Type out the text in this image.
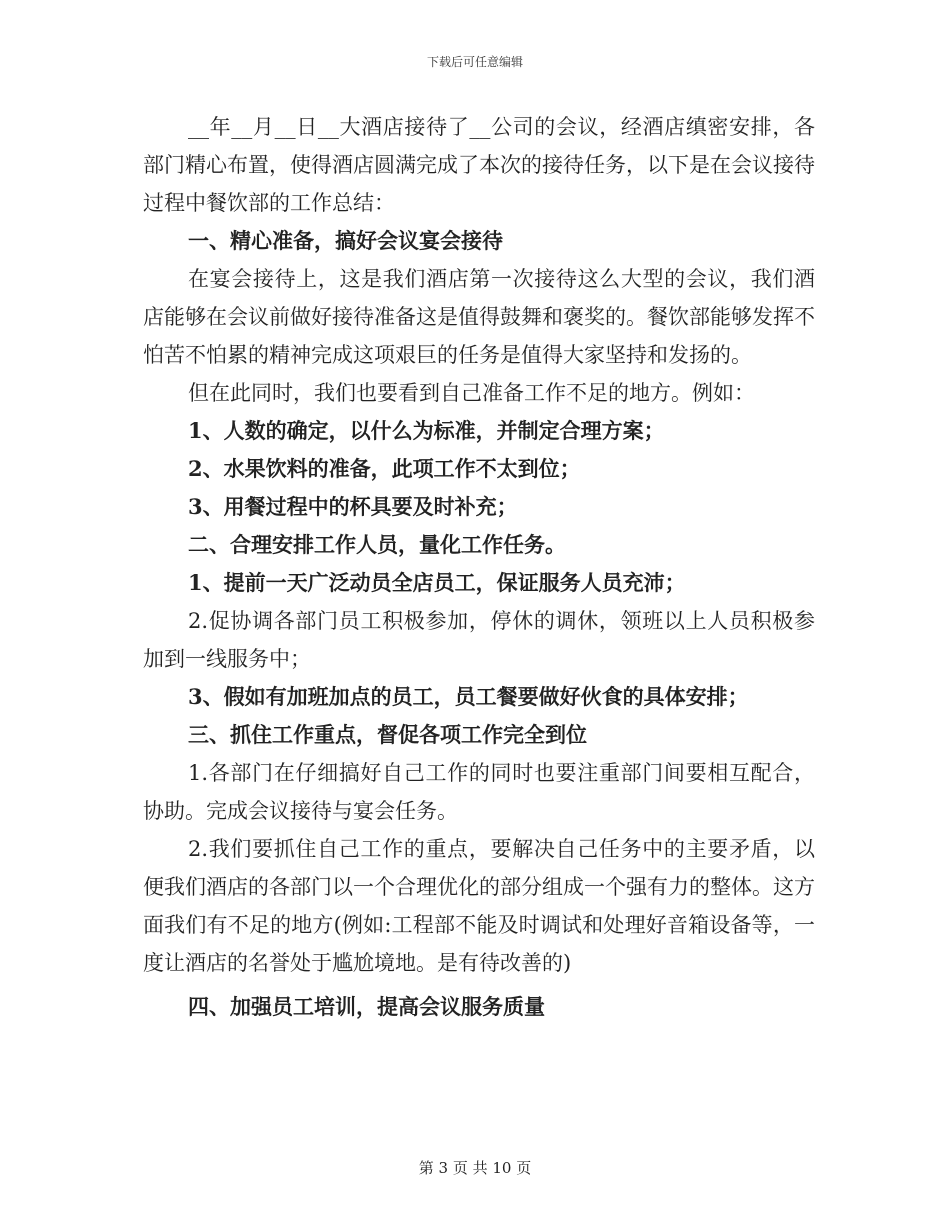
下载后可任意编辑

__年__月__日__大酒店接待了__公司的会议，经酒店缜密安排，各部门精心布置，使得酒店圆满完成了本次的接待任务，以下是在会议接待过程中餐饮部的工作总结：

一、精心准备，搞好会议宴会接待

在宴会接待上，这是我们酒店第一次接待这么大型的会议，我们酒店能够在会议前做好接待准备这是值得鼓舞和褒奖的。餐饮部能够发挥不怕苦不怕累的精神完成这项艰巨的任务是值得大家坚持和发扬的。

但在此同时，我们也要看到自己准备工作不足的地方。例如：

1、人数的确定，以什么为标准，并制定合理方案；

2、水果饮料的准备，此项工作不太到位；

3、用餐过程中的杯具要及时补充；

二、合理安排工作人员，量化工作任务。

1、提前一天广泛动员全店员工，保证服务人员充沛；

2.促协调各部门员工积极参加，停休的调休，领班以上人员积极参加到一线服务中；

3、假如有加班加点的员工，员工餐要做好伙食的具体安排；

三、抓住工作重点，督促各项工作完全到位

1.各部门在仔细搞好自己工作的同时也要注重部门间要相互配合，协助。完成会议接待与宴会任务。

2.我们要抓住自己工作的重点，要解决自己任务中的主要矛盾，以便我们酒店的各部门以一个合理优化的部分组成一个强有力的整体。这方面我们有不足的地方(例如:工程部不能及时调试和处理好音箱设备等，一度让酒店的名誉处于尴尬境地。是有待改善的)

四、加强员工培训，提高会议服务质量

第 3 页 共 10 页
